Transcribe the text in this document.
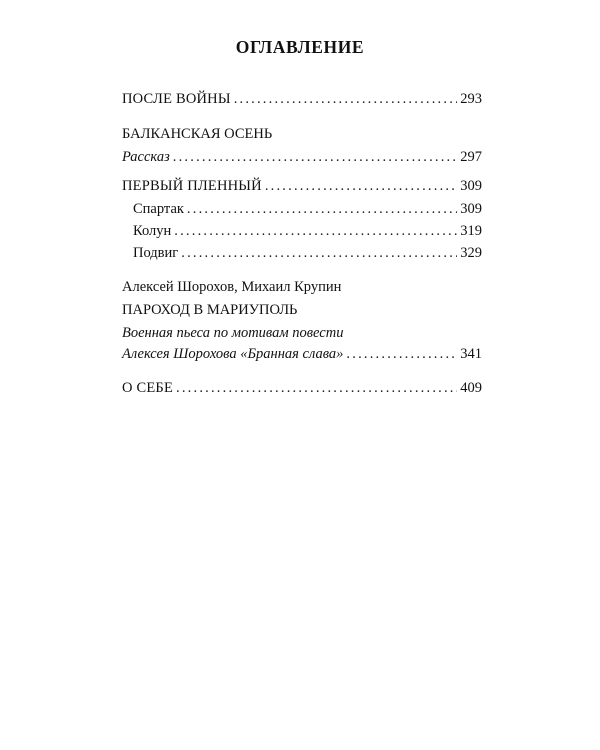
ОГЛАВЛЕНИЕ
ПОСЛЕ ВОЙНЫ .....	293
БАЛКАНСКАЯ ОСЕНЬ
Рассказ .....	297
ПЕРВЫЙ ПЛЕННЫЙ .....	309
Спартак .....	309
Колун .....	319
Подвиг .....	329
Алексей Шорохов, Михаил Крупин
ПАРОХОД В МАРИУПОЛЬ
Военная пьеса по мотивам повести
Алексея Шорохова «Бранная слава» .....	341
О СЕБЕ .....	409
